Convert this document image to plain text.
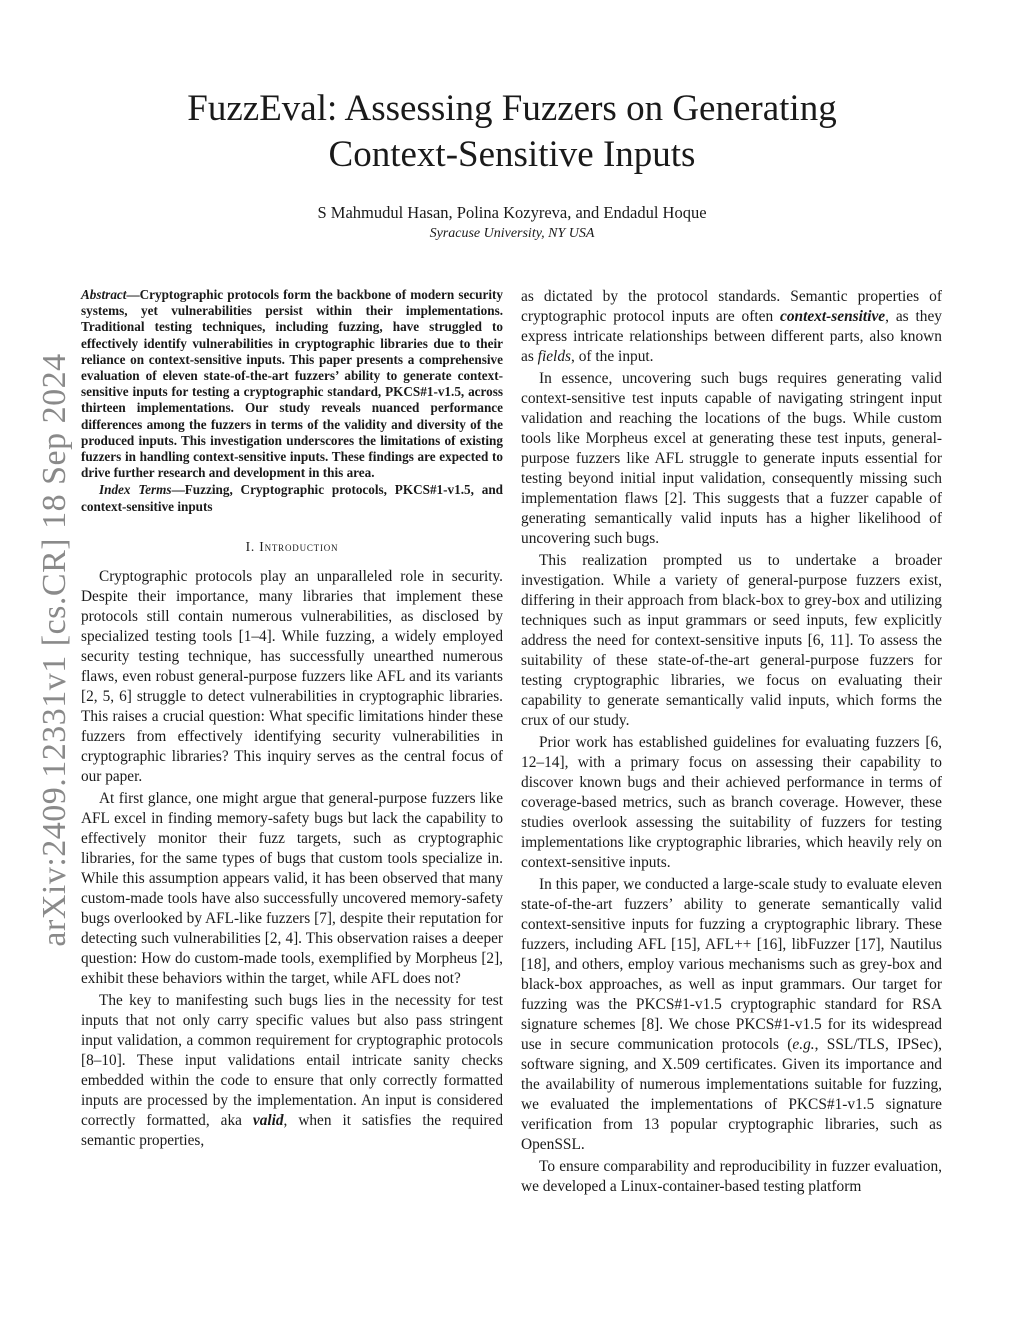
FuzzEval: Assessing Fuzzers on Generating
Context-Sensitive Inputs
S Mahmudul Hasan, Polina Kozyreva, and Endadul Hoque
Syracuse University, NY USA
arXiv:2409.12331v1 [cs.CR] 18 Sep 2024

Abstract—Cryptographic protocols form the backbone of modern security systems, yet vulnerabilities persist within their implementations. Traditional testing techniques, including fuzzing, have struggled to effectively identify vulnerabilities in cryptographic libraries due to their reliance on context-sensitive inputs. This paper presents a comprehensive evaluation of eleven state-of-the-art fuzzers’ ability to generate context-sensitive inputs for testing a cryptographic standard, PKCS#1-v1.5, across thirteen implementations. Our study reveals nuanced performance differences among the fuzzers in terms of the validity and diversity of the produced inputs. This investigation underscores the limitations of existing fuzzers in handling context-sensitive inputs. These findings are expected to drive further research and development in this area.

Index Terms—Fuzzing, Cryptographic protocols, PKCS#1-v1.5, and context-sensitive inputs

I. Introduction

Cryptographic protocols play an unparalleled role in security. Despite their importance, many libraries that implement these protocols still contain numerous vulnerabilities, as disclosed by specialized testing tools [1–4]. While fuzzing, a widely employed security testing technique, has successfully unearthed numerous flaws, even robust general-purpose fuzzers like AFL and its variants [2, 5, 6] struggle to detect vulnerabilities in cryptographic libraries. This raises a crucial question: What specific limitations hinder these fuzzers from effectively identifying security vulnerabilities in cryptographic libraries? This inquiry serves as the central focus of our paper.

At first glance, one might argue that general-purpose fuzzers like AFL excel in finding memory-safety bugs but lack the capability to effectively monitor their fuzz targets, such as cryptographic libraries, for the same types of bugs that custom tools specialize in. While this assumption appears valid, it has been observed that many custom-made tools have also successfully uncovered memory-safety bugs overlooked by AFL-like fuzzers [7], despite their reputation for detecting such vulnerabilities [2, 4]. This observation raises a deeper question: How do custom-made tools, exemplified by Morpheus [2], exhibit these behaviors within the target, while AFL does not?

The key to manifesting such bugs lies in the necessity for test inputs that not only carry specific values but also pass stringent input validation, a common requirement for cryptographic protocols [8–10]. These input validations entail intricate sanity checks embedded within the code to ensure that only correctly formatted inputs are processed by the implementation. An input is considered correctly formatted, aka valid, when it satisfies the required semantic properties,

as dictated by the protocol standards. Semantic properties of cryptographic protocol inputs are often context-sensitive, as they express intricate relationships between different parts, also known as fields, of the input.

In essence, uncovering such bugs requires generating valid context-sensitive test inputs capable of navigating stringent input validation and reaching the locations of the bugs. While custom tools like Morpheus excel at generating these test inputs, general-purpose fuzzers like AFL struggle to generate inputs essential for testing beyond initial input validation, consequently missing such implementation flaws [2]. This suggests that a fuzzer capable of generating semantically valid inputs has a higher likelihood of uncovering such bugs.

This realization prompted us to undertake a broader investigation. While a variety of general-purpose fuzzers exist, differing in their approach from black-box to grey-box and utilizing techniques such as input grammars or seed inputs, few explicitly address the need for context-sensitive inputs [6, 11]. To assess the suitability of these state-of-the-art general-purpose fuzzers for testing cryptographic libraries, we focus on evaluating their capability to generate semantically valid inputs, which forms the crux of our study.

Prior work has established guidelines for evaluating fuzzers [6, 12–14], with a primary focus on assessing their capability to discover known bugs and their achieved performance in terms of coverage-based metrics, such as branch coverage. However, these studies overlook assessing the suitability of fuzzers for testing implementations like cryptographic libraries, which heavily rely on context-sensitive inputs.

In this paper, we conducted a large-scale study to evaluate eleven state-of-the-art fuzzers’ ability to generate semantically valid context-sensitive inputs for fuzzing a cryptographic library. These fuzzers, including AFL [15], AFL++ [16], libFuzzer [17], Nautilus [18], and others, employ various mechanisms such as grey-box and black-box approaches, as well as input grammars. Our target for fuzzing was the PKCS#1-v1.5 cryptographic standard for RSA signature schemes [8]. We chose PKCS#1-v1.5 for its widespread use in secure communication protocols (e.g., SSL/TLS, IPSec), software signing, and X.509 certificates. Given its importance and the availability of numerous implementations suitable for fuzzing, we evaluated the implementations of PKCS#1-v1.5 signature verification from 13 popular cryptographic libraries, such as OpenSSL.

To ensure comparability and reproducibility in fuzzer evaluation, we developed a Linux-container-based testing platform
